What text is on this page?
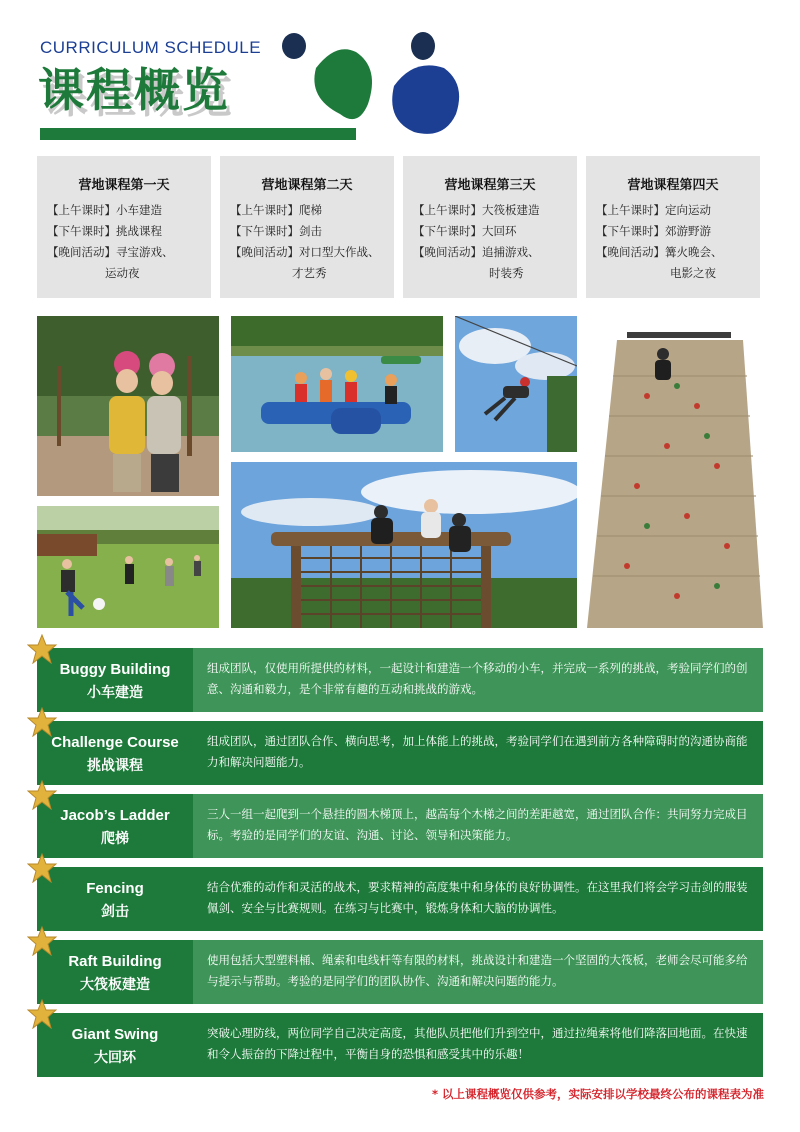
CURRICULUM SCHEDULE
课程概览
营地课程第一天
【上午课时】小车建造
【下午课时】挑战课程
【晚间活动】寻宝游戏、
运动夜
营地课程第二天
【上午课时】爬梯
【下午课时】剑击
【晚间活动】对口型大作战、
才艺秀
营地课程第三天
【上午课时】大筏板建造
【下午课时】大回环
【晚间活动】追捕游戏、
时装秀
营地课程第四天
【上午课时】定向运动
【下午课时】郊游野游
【晚间活动】篝火晚会、
电影之夜
Buggy Building
小车建造
组成团队，仅使用所提供的材料，一起设计和建造一个移动的小车，并完成一系列的挑战，考验同学们的创意、沟通和毅力，是个非常有趣的互动和挑战的游戏。
Challenge Course
挑战课程
组成团队，通过团队合作、横向思考，加上体能上的挑战，考验同学们在遇到前方各种障碍时的沟通协商能力和解决问题能力。
Jacob’s Ladder
爬梯
三人一组一起爬到一个悬挂的圆木梯顶上，越高每个木梯之间的差距越宽，通过团队合作：共同努力完成目标。考验的是同学们的友谊、沟通、讨论、领导和决策能力。
Fencing
剑击
结合优雅的动作和灵活的战术，要求精神的高度集中和身体的良好协调性。在这里我们将会学习击剑的服装佩剑、安全与比赛规则。在练习与比赛中，锻炼身体和大脑的协调性。
Raft Building
大筏板建造
使用包括大型塑料桶、绳索和电线杆等有限的材料，挑战设计和建造一个坚固的大筏板，老师会尽可能多给与提示与帮助。考验的是同学们的团队协作、沟通和解决问题的能力。
Giant Swing
大回环
突破心理防线，两位同学自己决定高度，其他队员把他们升到空中，通过拉绳索将他们降落回地面。在快速和令人振奋的下降过程中，平衡自身的恐惧和感受其中的乐趣！
* 以上课程概览仅供参考，实际安排以学校最终公布的课程表为准
